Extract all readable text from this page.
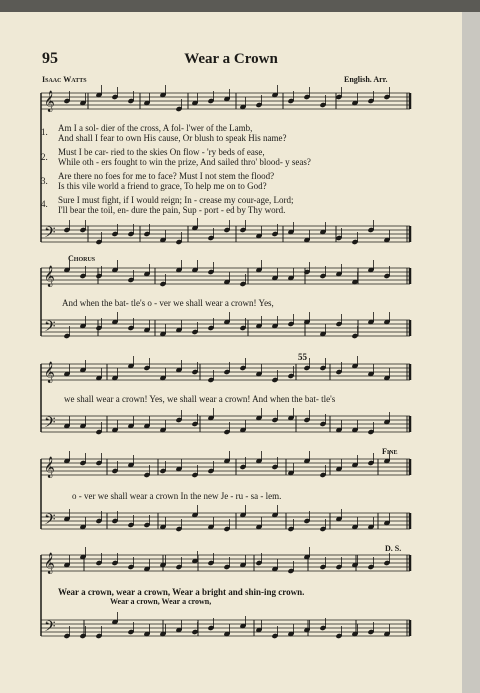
95	Wear a Crown
Isaac Watts	English. Arr.
𝄞
𝄢
𝄞
𝄢
𝄞
𝄢
𝄞
𝄢
𝄞
𝄢
1. Am I a sol- dier of the cross, A fol- l'wer of the Lamb,
And shall I fear to own His cause, Or blush to speak His name?
2. Must I be car- ried to the skies On flow - 'ry beds of ease,
While oth - ers fought to win the prize, And sailed thro' blood- y seas?
3. Are there no foes for me to face? Must I not stem the flood?
Is this vile world a friend to grace, To help me on to God?
4. Sure I must fight, if I would reign; In - crease my cour-age, Lord;
I'll bear the toil, en- dure the pain, Sup - port - ed by Thy word.
Chorus
And when the bat- tle's o - ver we shall wear a crown! Yes,
we shall wear a crown! Yes, we shall wear a crown! And when the bat- tle's
55
Fine
o - ver we shall wear a crown In the new Je - ru - sa - lem.
D. S.
Wear a crown, wear a crown, Wear a bright and shin-ing crown.
Wear a crown, Wear a crown,
